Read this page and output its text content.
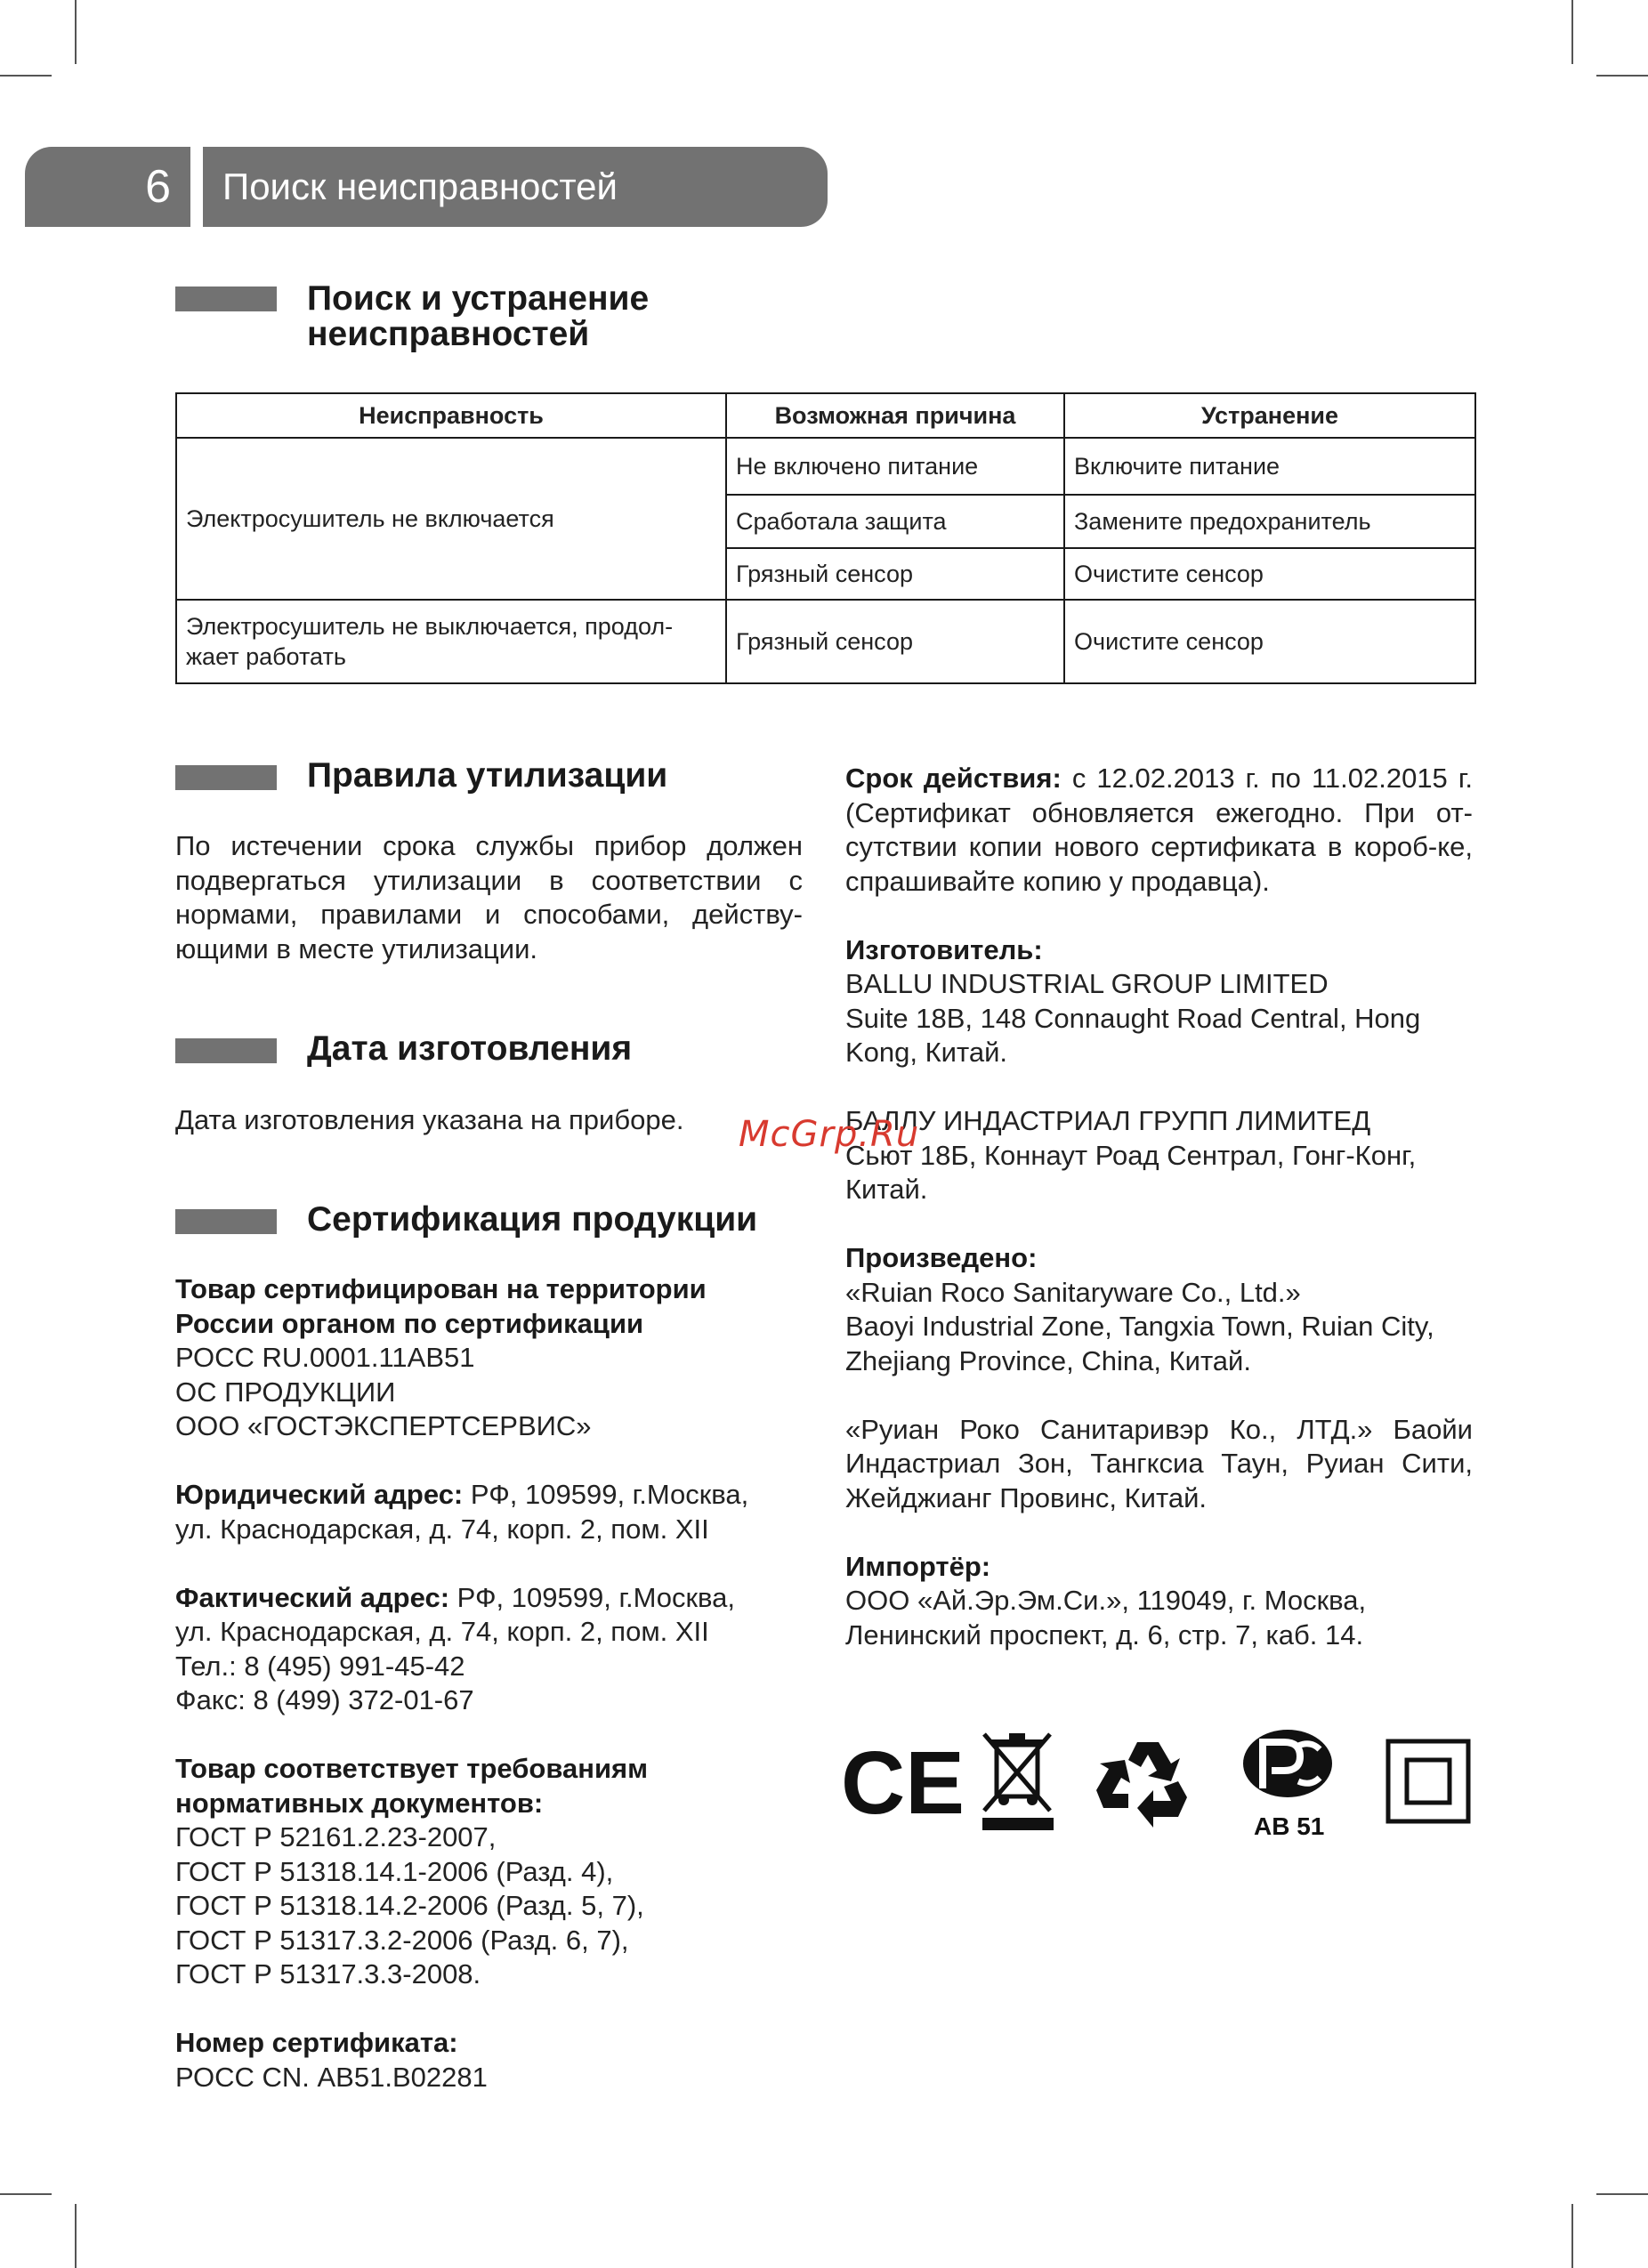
6	Поиск неисправностей
Поиск и устранение
неисправностей
Неисправность	Возможная причина	Устранение
Электросушитель не включается	Не включено питание	Включите питание
	Сработала защита	Замените предохранитель
	Грязный сенсор	Очистите сенсор

Электросушитель не выключается, продол-
жает работать	Грязный сенсор	Очистите сенсор
Правила утилизации

По истечении срока службы прибор должен подвергаться утилизации в соответствии с нормами, правилами и способами, действу-ющими в месте утилизации.

Дата изготовления

Дата изготовления указана на приборе.

Сертификация продукции

Товар сертифицирован на территории

России органом по сертификации

РОСС RU.0001.11АВ51

ОС ПРОДУКЦИИ

ООО «ГОСТЭКСПЕРТСЕРВИС»

Юридический адрес: РФ, 109599, г.Москва,

ул. Краснодарская, д. 74, корп. 2, пом. XII

Фактический адрес: РФ, 109599, г.Москва,

ул. Краснодарская, д. 74, корп. 2, пом. XII

Тел.: 8 (495) 991-45-42

Факс: 8 (499) 372-01-67

Товар соответствует требованиям

нормативных документов:

ГОСТ Р 52161.2.23-2007,

ГОСТ Р 51318.14.1-2006 (Разд. 4),

ГОСТ Р 51318.14.2-2006 (Разд. 5, 7),

ГОСТ Р 51317.3.2-2006 (Разд. 6, 7),

ГОСТ Р 51317.3.3-2008.

Номер сертификата:

РОСС CN. АВ51.В02281

Срок действия: с 12.02.2013 г. по 11.02.2015 г. (Сертификат обновляется ежегодно. При от-сутствии копии нового сертификата в короб-ке, спрашивайте копию у продавца).

Изготовитель:

BALLU INDUSTRIAL GROUP LIMITED

Suite 18B, 148 Connaught Road Central, Hong

Kong, Китай.

БАЛЛУ ИНДАСТРИАЛ ГРУПП ЛИМИТЕД

Сьют 18Б, Коннаут Роад Сентрал, Гонг-Конг,

Китай.

Произведено:

«Ruian Roco Sanitaryware Co., Ltd.»

Baoyi Industrial Zone, Tangxia Town, Ruian City,

Zhejiang Province, China, Китай.

«Руиан Роко Санитаривэр Ко., ЛТД.» Баойи Индастриал Зон, Тангксиа Таун, Руиан Сити, Жейджианг Провинс, Китай.

Импортёр:

ООО «Ай.Эр.Эм.Си.», 119049, г. Москва,

Ленинский проспект, д. 6, стр. 7, каб. 14.

McGrp.Ru
CE	AB 51
